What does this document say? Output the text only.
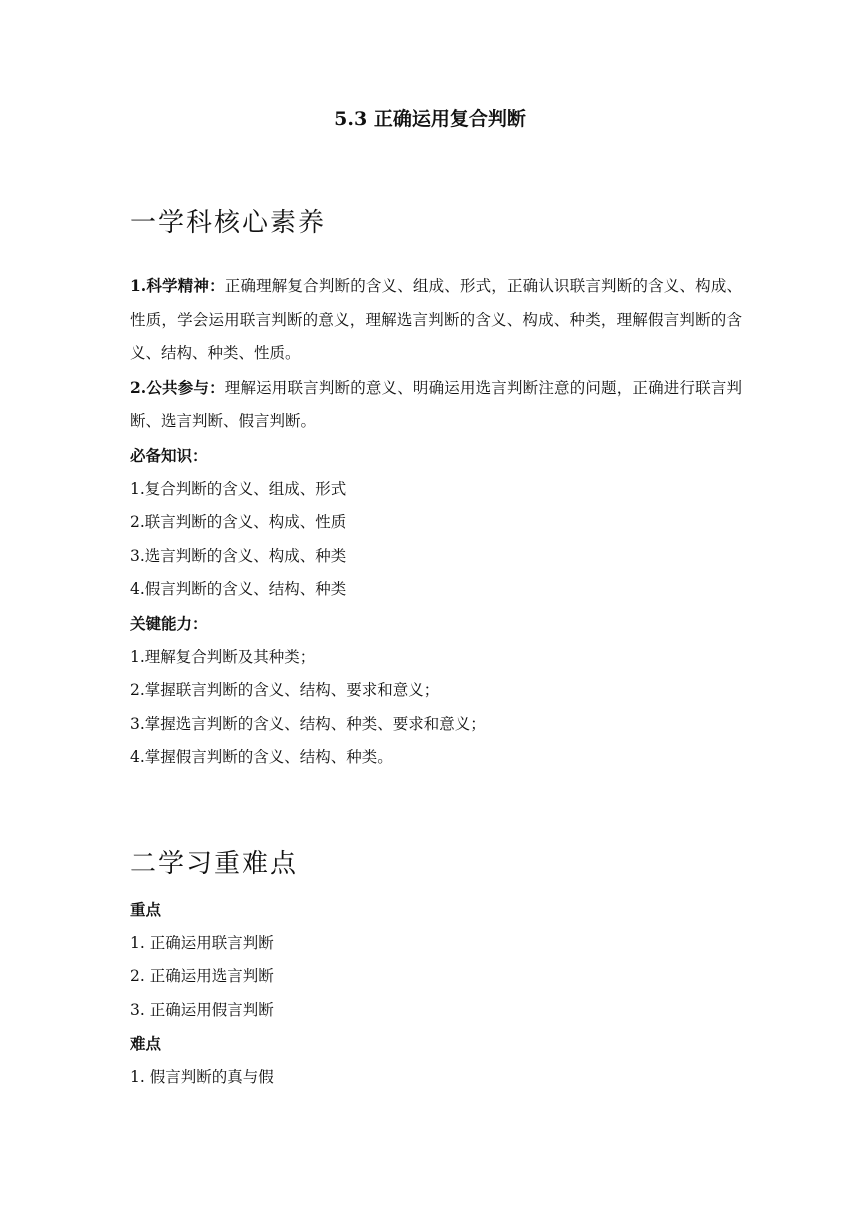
5.3 正确运用复合判断
一学科核心素养

1.科学精神：正确理解复合判断的含义、组成、形式，正确认识联言判断的含义、构成、性质，学会运用联言判断的意义，理解选言判断的含义、构成、种类，理解假言判断的含义、结构、种类、性质。

2.公共参与：理解运用联言判断的意义、明确运用选言判断注意的问题，正确进行联言判断、选言判断、假言判断。

必备知识：

1.复合判断的含义、组成、形式

2.联言判断的含义、构成、性质

3.选言判断的含义、构成、种类

4.假言判断的含义、结构、种类

关键能力：

1.理解复合判断及其种类；

2.掌握联言判断的含义、结构、要求和意义；

3.掌握选言判断的含义、结构、种类、要求和意义；

4.掌握假言判断的含义、结构、种类。

二学习重难点

重点

1. 正确运用联言判断

2. 正确运用选言判断

3. 正确运用假言判断

难点

1. 假言判断的真与假
